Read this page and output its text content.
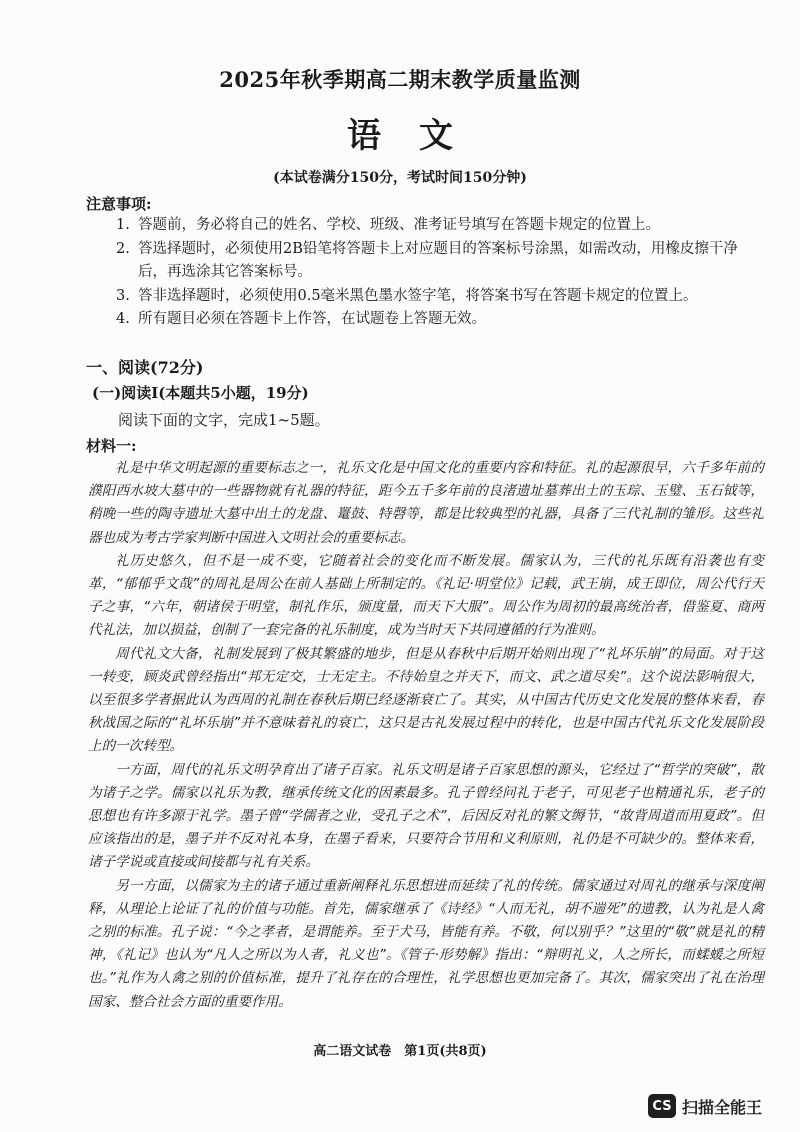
2025年秋季期高二期末教学质量监测
语文
(本试卷满分150分，考试时间150分钟)
注意事项:
1. 答题前，务必将自己的姓名、学校、班级、准考证号填写在答题卡规定的位置上。
2. 答选择题时，必须使用2B铅笔将答题卡上对应题目的答案标号涂黑，如需改动，用橡皮擦干净后，再选涂其它答案标号。
3. 答非选择题时，必须使用0.5毫米黑色墨水签字笔，将答案书写在答题卡规定的位置上。
4. 所有题目必须在答题卡上作答，在试题卷上答题无效。
一、阅读(72分)
(一)阅读Ⅰ(本题共5小题，19分)
阅读下面的文字，完成1~5题。
材料一:

礼是中华文明起源的重要标志之一，礼乐文化是中国文化的重要内容和特征。礼的起源很早，六千多年前的濮阳西水坡大墓中的一些器物就有礼器的特征，距今五千多年前的良渚遗址墓葬出土的玉琮、玉璧、玉石钺等，稍晚一些的陶寺遗址大墓中出土的龙盘、鼍鼓、特磬等，都是比较典型的礼器，具备了三代礼制的雏形。这些礼器也成为考古学家判断中国进入文明社会的重要标志。

礼历史悠久，但不是一成不变，它随着社会的变化而不断发展。儒家认为，三代的礼乐既有沿袭也有变革，“郁郁乎文哉”的周礼是周公在前人基础上所制定的。《礼记·明堂位》记载，武王崩，成王即位，周公代行天子之事，“六年，朝诸侯于明堂，制礼作乐，颁度量，而天下大服”。周公作为周初的最高统治者，借鉴夏、商两代礼法，加以损益，创制了一套完备的礼乐制度，成为当时天下共同遵循的行为准则。

周代礼文大备，礼制发展到了极其繁盛的地步，但是从春秋中后期开始则出现了“礼坏乐崩”的局面。对于这一转变，顾炎武曾经指出“邦无定交，士无定主。不待始皇之并天下，而文、武之道尽矣”。这个说法影响很大，以至很多学者据此认为西周的礼制在春秋后期已经逐渐衰亡了。其实，从中国古代历史文化发展的整体来看，春秋战国之际的“礼坏乐崩”并不意味着礼的衰亡，这只是古礼发展过程中的转化，也是中国古代礼乐文化发展阶段上的一次转型。

一方面，周代的礼乐文明孕育出了诸子百家。礼乐文明是诸子百家思想的源头，它经过了“哲学的突破”，散为诸子之学。儒家以礼乐为教，继承传统文化的因素最多。孔子曾经问礼于老子，可见老子也精通礼乐，老子的思想也有许多源于礼学。墨子曾“学儒者之业，受孔子之术”，后因反对礼的繁文缛节，“故背周道而用夏政”。但应该指出的是，墨子并不反对礼本身，在墨子看来，只要符合节用和义利原则，礼仍是不可缺少的。整体来看，诸子学说或直接或间接都与礼有关系。

另一方面，以儒家为主的诸子通过重新阐释礼乐思想进而延续了礼的传统。儒家通过对周礼的继承与深度阐释，从理论上论证了礼的价值与功能。首先，儒家继承了《诗经》“人而无礼，胡不遄死”的遗教，认为礼是人禽之别的标准。孔子说：“今之孝者，是谓能养。至于犬马，皆能有养。不敬，何以别乎？”这里的“敬”就是礼的精神，《礼记》也认为“凡人之所以为人者，礼义也”。《管子·形势解》指出：“辩明礼义，人之所长，而蝚蝯之所短也。”礼作为人禽之别的价值标准，提升了礼存在的合理性，礼学思想也更加完备了。其次，儒家突出了礼在治理国家、整合社会方面的重要作用。

高二语文试卷　第1页(共8页)
CS 扫描全能王
